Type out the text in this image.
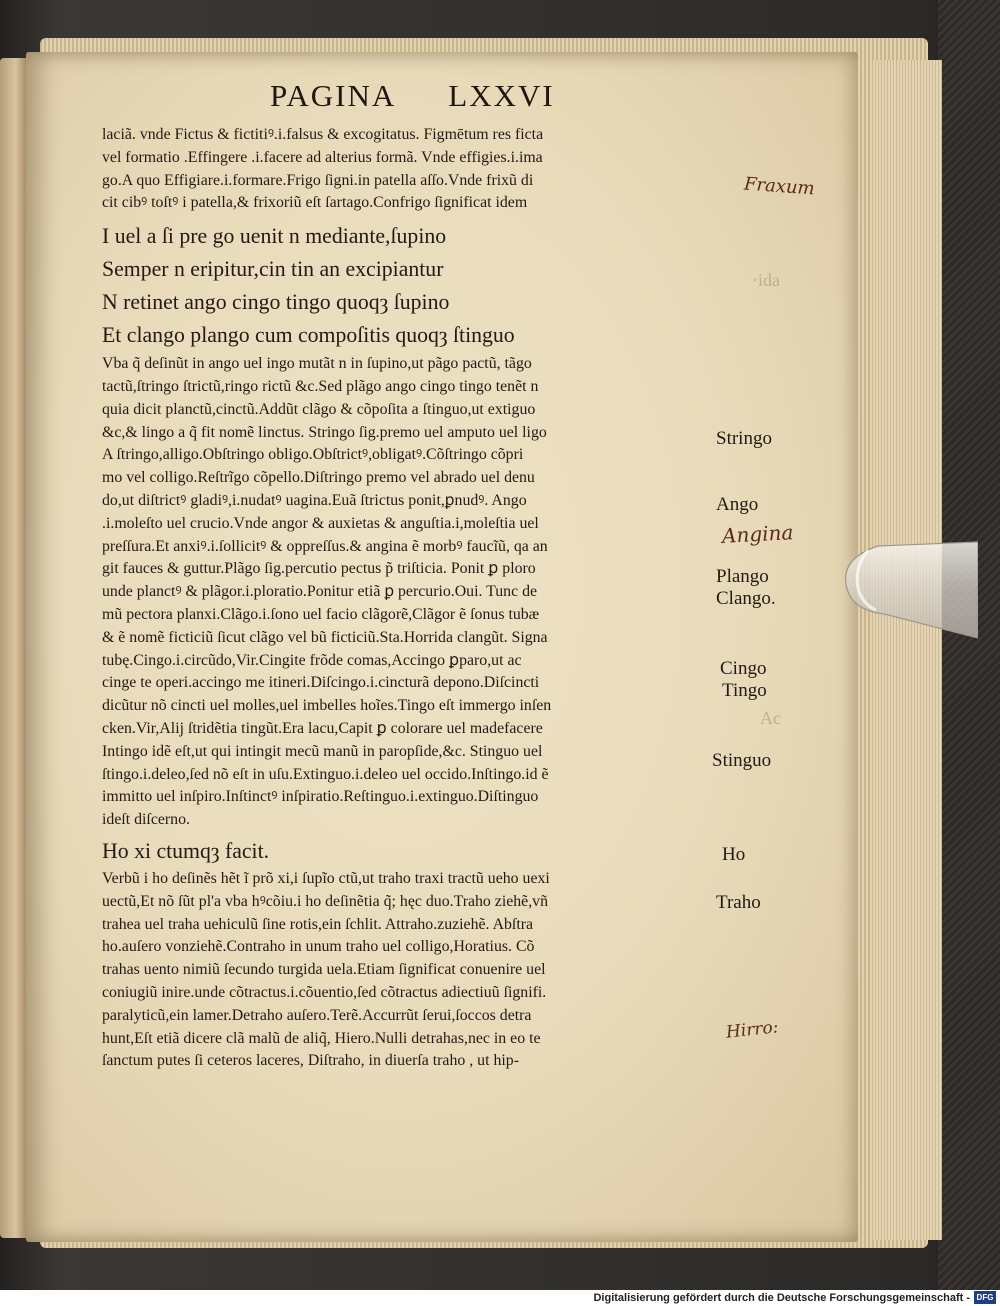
PAGINA LXXVI
laciã. vnde Fictus & fictitiꝰ.i.falsus & excogitatus. Figmētum res ficta
vel formatio .Effingere .i.facere ad alterius formã. Vnde effigies.i.ima
go.A quo Effigiare.i.formare.Frigo ſigni.in patella aſſo.Vnde frixũ di
cit cibꝰ toſtꝰ i patella,& frixoriũ eſt ſartago.Confrigo ſignificat idem
I uel a ſi pre go uenit n mediante,ſupino
Semper n eripitur,cin tin an excipiantur
N retinet ango cingo tingo quoqȝ ſupino
Et clango plango cum compoſitis quoqȝ ſtinguo
Vba q̃ deſinũt in ango uel ingo mutãt n in ſupino,ut pãgo pactũ, tãgo
tactũ,ſtringo ſtrictũ,ringo rictũ &c.Sed plãgo ango cingo tingo tenẽt n
quia dicit planctũ,cinctũ.Addũt clãgo & cõpoſita a ſtinguo,ut extiguo
&c,& lingo a q̃ fit nomẽ linctus. Stringo ſig.premo uel amputo uel ligo
A ſtringo,alligo.Obſtringo obligo.Obſtrictꝰ,obligatꝰ.Cõſtringo cõpri
mo vel colligo.Reſtrĩgo cõpello.Diſtringo premo vel abrado uel denu
do,ut diſtrictꝰ gladiꝰ,i.nudatꝰ uagina.Euã ſtrictus ponit,ꝑnudꝰ. Ango
.i.moleſto uel crucio.Vnde angor & auxietas & anguſtia.i,moleſtia uel
preſſura.Et anxiꝰ.i.ſollicitꝰ & oppreſſus.& angina ẽ morbꝰ faucĩũ, qa an
git fauces & guttur.Plãgo ſig.percutio pectus p̃ triſticia. Ponit ꝑ ploro
unde planctꝰ & plãgor.i.ploratio.Ponitur etiã ꝑ percurio.Oui. Tunc de
mũ pectora planxi.Clãgo.i.ſono uel facio clãgorẽ,Clãgor ẽ ſonus tubæ
& ẽ nomẽ ficticiũ ſicut clãgo vel bũ ficticiũ.Sta.Horrida clangũt. Signa
tubę.Cingo.i.circũdo,Vir.Cingite frõde comas,Accingo ꝑparo,ut ac
cinge te operi.accingo me itineri.Diſcingo.i.cincturã depono.Diſcincti
dicũtur nõ cincti uel molles,uel imbelles hoĩes.Tingo eſt immergo inſen
cken.Vir,Alij ſtridẽtia tingũt.Era lacu,Capit ꝑ colorare uel madefacere
Intingo idẽ eſt,ut qui intingit mecũ manũ in paropſide,&c. Stinguo uel
ſtingo.i.deleo,ſed nõ eſt in uſu.Extinguo.i.deleo uel occido.Inſtingo.id ẽ
immitto uel inſpiro.Inſtinctꝰ inſpiratio.Reſtinguo.i.extinguo.Diſtinguo
ideſt diſcerno.
Ho xi ctumqȝ facit.
Verbũ i ho deſinẽs hẽt ĩ prõ xi,i ſupĩo ctũ,ut traho traxi tractũ ueho uexi
uectũ,Et nõ ſũt pl'a vba hꝰcõiu.i ho deſinẽtia q̃; hęc duo.Traho ziehẽ,vñ
trahea uel traha uehiculũ ſine rotis,ein ſchlit. Attraho.zuziehẽ. Abſtra
ho.auſero vonziehẽ.Contraho in unum traho uel colligo,Horatius. Cõ
trahas uento nimiũ ſecundo turgida uela.Etiam ſignificat conuenire uel
coniugiũ inire.unde cõtractus.i.cõuentio,ſed cõtractus adiectiuũ ſignifi.
paralyticũ,ein lamer.Detraho auſero.Terẽ.Accurrũt ſerui,ſoccos detra
hunt,Eſt etiã dicere clã malũ de aliq̃, Hiero.Nulli detrahas,nec in eo te
ſanctum putes ſi ceteros laceres, Diſtraho, in diuerſa traho , ut hip-
·ida
Ac
Stringo
Ango
Plango
Clango.
Cingo
Tingo
Stinguo
Ho
Traho
Fraxum
Angina
Hirro:
Digitalisierung gefördert durch die Deutsche Forschungsgemeinschaft - DFG
